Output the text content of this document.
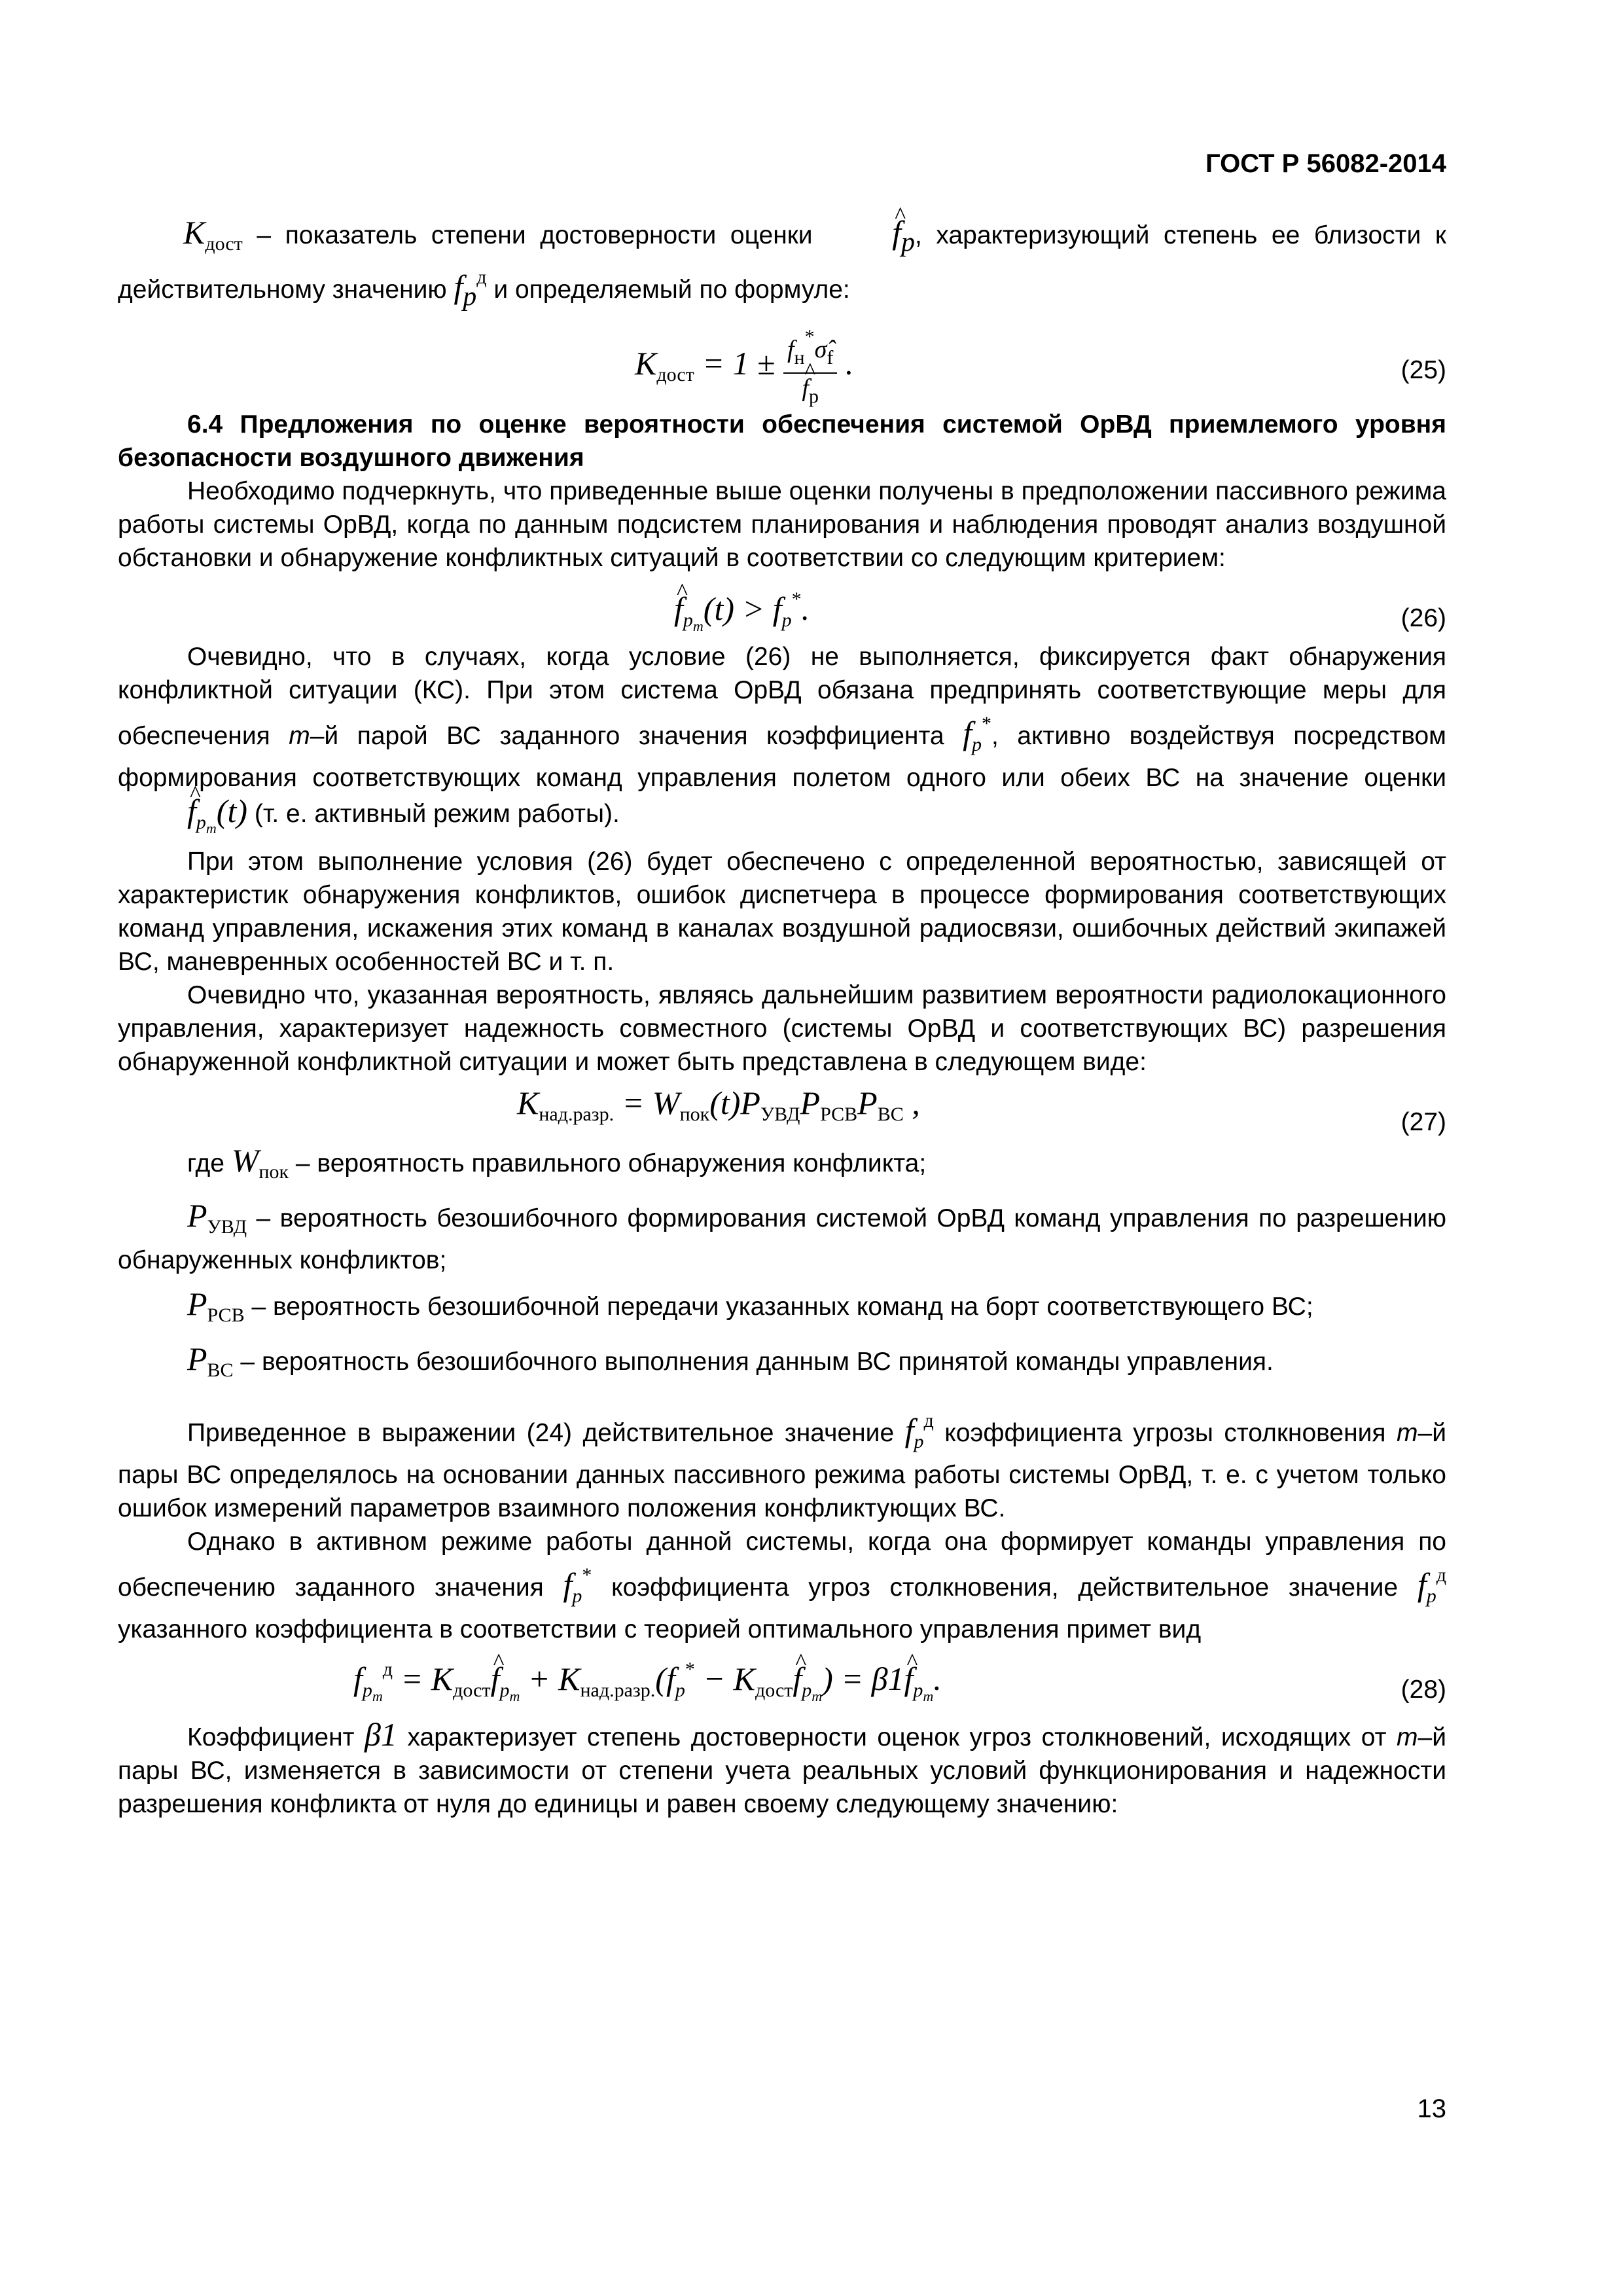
ГОСТ Р 56082-2014

$K_{дост}$ – показатель степени достоверности оценки ^ $f_p$, характеризующий степень ее близости к действительному значению $f_p^д$ и определяемый по формуле:

$K_{дост} = 1$ ± $f_н^*\sigmâ_f$
^ $f_p$ .	(25)

6.4 Предложения по оценке вероятности обеспечения системой ОрВД приемлемого уровня безопасности воздушного движения

Необходимо подчеркнуть, что приведенные выше оценки получены в предположении пассивного режима работы системы ОрВД, когда по данным подсистем планирования и наблюдения проводят анализ воздушной обстановки и обнаружение конфликтных ситуаций в соответствии со следующим критерием:

^ $f_{p_m}(t) > f_p^*$.	(26)

Очевидно, что в случаях, когда условие (26) не выполняется, фиксируется факт обнаружения конфликтной ситуации (КС). При этом система ОрВД обязана предпринять соответствующие меры для обеспечения m–й парой ВС заданного значения коэффициента $f_p^*$, активно воздействуя посредством формирования соответствующих команд управления полетом одного или обеих ВС на значение оценки ^ $f_{p_m}(t)$ (т. е. активный режим работы).

При этом выполнение условия (26) будет обеспечено с определенной вероятностью, зависящей от характеристик обнаружения конфликтов, ошибок диспетчера в процессе формирования соответствующих команд управления, искажения этих команд в каналах воздушной радиосвязи, ошибочных действий экипажей ВС, маневренных особенностей ВС и т. п.

Очевидно что, указанная вероятность, являясь дальнейшим развитием вероятности радиолокационного управления, характеризует надежность совместного (системы ОрВД и соответствующих ВС) разрешения обнаруженной конфликтной ситуации и может быть представлена в следующем виде:

$K_{над.разр.} = W_{пок}(t)P_{УВД}P_{РСВ}P_{ВС}$ ,
(27)

где $W_{пок}$ – вероятность правильного обнаружения конфликта;

$P_{УВД}$ – вероятность безошибочного формирования системой ОрВД команд управления по разрешению обнаруженных конфликтов;

$P_{РСВ}$ – вероятность безошибочной передачи указанных команд на борт соответствующего ВС;

$P_{ВС}$ – вероятность безошибочного выполнения данным ВС принятой команды управления.

Приведенное в выражении (24) действительное значение $f_p^д$ коэффициента угрозы столкновения m–й пары ВС определялось на основании данных пассивного режима работы системы ОрВД, т. е. с учетом только ошибок измерений параметров взаимного положения конфликтующих ВС.

Однако в активном режиме работы данной системы, когда она формирует команды управления по обеспечению заданного значения $f_p^*$ коэффициента угроз столкновения, действительное значение $f_p^д$ указанного коэффициента в соответствии с теорией оптимального управления примет вид

$f_{p_m}^д$ = $K_{дост}\^{}$ $f_{p_m} + K_{над.разр.}(f_p^*$ − $K_{дост}\^{}$ $f_{p_m}$) = β1^ $f_{p_m}$.	(28)

Коэффициент β1 характеризует степень достоверности оценок угроз столкновений, исходящих от m–й пары ВС, изменяется в зависимости от степени учета реальных условий функционирования и надежности разрешения конфликта от нуля до единицы и равен своему следующему значению:

13
